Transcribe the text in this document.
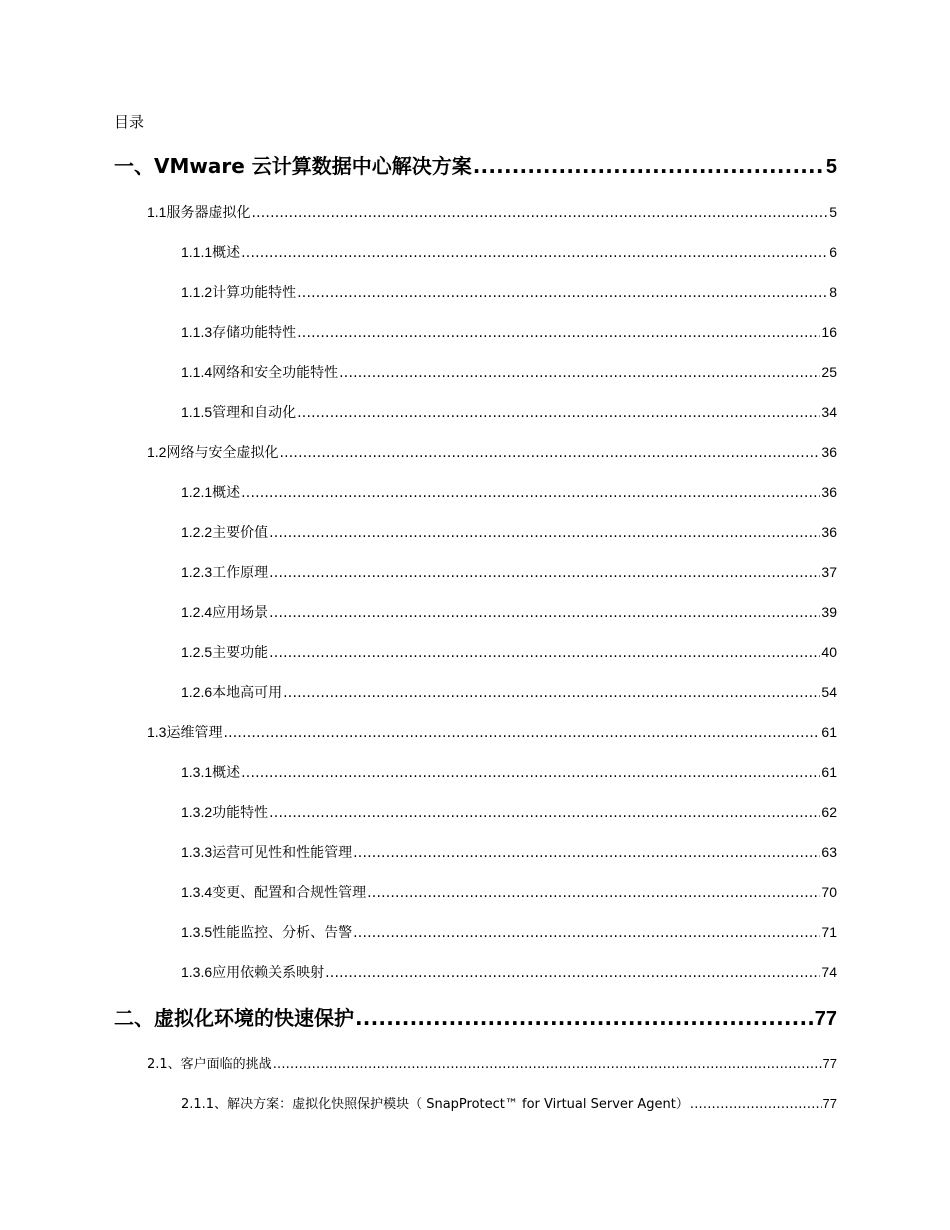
目录
一、VMware 云计算数据中心解决方案 .....	5
1.1 服务器虚拟化 .....	5
1.1.1 概述 .....	6
1.1.2 计算功能特性 .....	8
1.1.3 存储功能特性 .....	16
1.1.4 网络和安全功能特性 .....	25
1.1.5 管理和自动化 .....	34
1.2 网络与安全虚拟化 .....	36
1.2.1 概述 .....	36
1.2.2 主要价值 .....	36
1.2.3 工作原理 .....	37
1.2.4 应用场景 .....	39
1.2.5 主要功能 .....	40
1.2.6 本地高可用 .....	54
1.3 运维管理 .....	61
1.3.1 概述 .....	61
1.3.2 功能特性 .....	62
1.3.3 运营可见性和性能管理 .....	63
1.3.4 变更、配置和合规性管理 .....	70
1.3.5 性能监控、分析、告警 .....	71
1.3.6 应用依赖关系映射 .....	74
二、虚拟化环境的快速保护 .....	77
2.1、客户面临的挑战 .....	77
2.1.1、解决方案：虚拟化快照保护模块（ SnapProtect™ for Virtual Server Agent） .....	77
